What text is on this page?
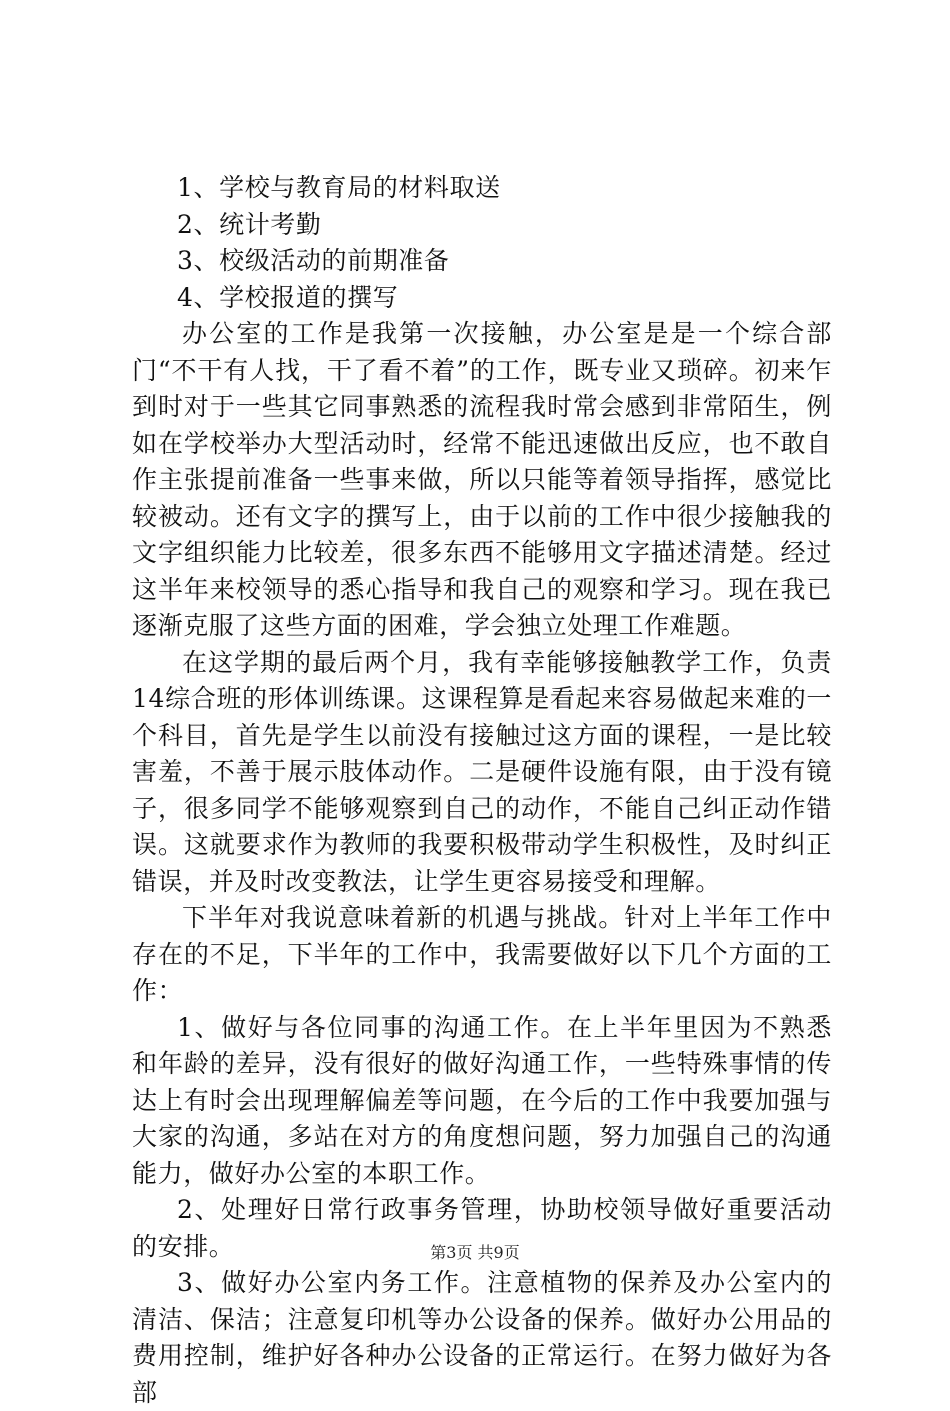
1、学校与教育局的材料取送

2、统计考勤

3、校级活动的前期准备

4、学校报道的撰写

办公室的工作是我第一次接触，办公室是是一个综合部门“不干有人找，干了看不着”的工作，既专业又琐碎。初来乍到时对于一些其它同事熟悉的流程我时常会感到非常陌生，例如在学校举办大型活动时，经常不能迅速做出反应，也不敢自作主张提前准备一些事来做，所以只能等着领导指挥，感觉比较被动。还有文字的撰写上，由于以前的工作中很少接触我的文字组织能力比较差，很多东西不能够用文字描述清楚。经过这半年来校领导的悉心指导和我自己的观察和学习。现在我已逐渐克服了这些方面的困难，学会独立处理工作难题。

在这学期的最后两个月，我有幸能够接触教学工作，负责14综合班的形体训练课。这课程算是看起来容易做起来难的一个科目，首先是学生以前没有接触过这方面的课程，一是比较害羞，不善于展示肢体动作。二是硬件设施有限，由于没有镜子，很多同学不能够观察到自己的动作，不能自己纠正动作错误。这就要求作为教师的我要积极带动学生积极性，及时纠正错误，并及时改变教法，让学生更容易接受和理解。

下半年对我说意味着新的机遇与挑战。针对上半年工作中存在的不足，下半年的工作中，我需要做好以下几个方面的工作：

1、做好与各位同事的沟通工作。在上半年里因为不熟悉和年龄的差异，没有很好的做好沟通工作，一些特殊事情的传达上有时会出现理解偏差等问题，在今后的工作中我要加强与大家的沟通，多站在对方的角度想问题，努力加强自己的沟通能力，做好办公室的本职工作。

2、处理好日常行政事务管理，协助校领导做好重要活动的安排。

3、做好办公室内务工作。注意植物的保养及办公室内的清洁、保洁；注意复印机等办公设备的保养。做好办公用品的费用控制，维护好各种办公设备的正常运行。在努力做好为各部

第3页 共9页
